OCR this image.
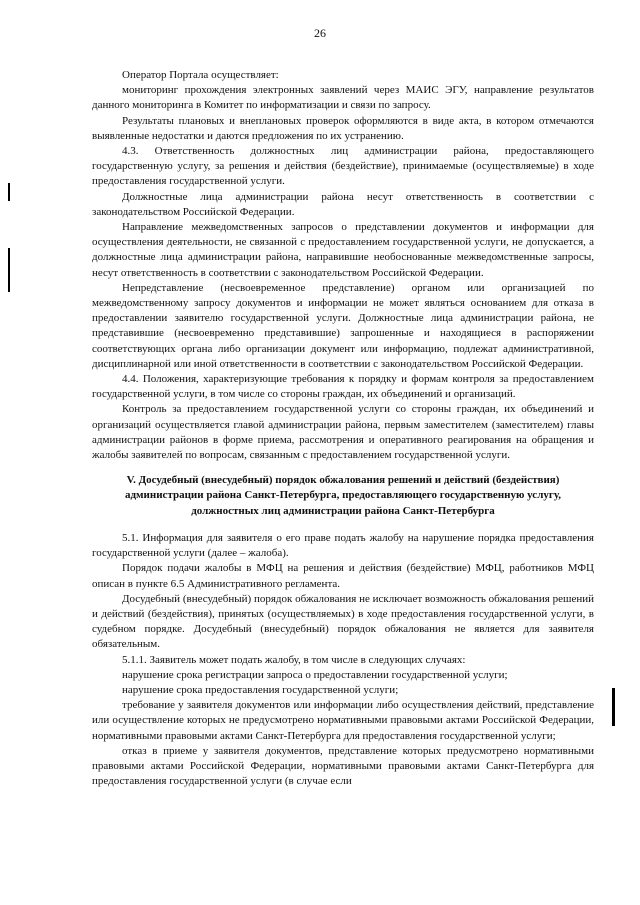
26

Оператор Портала осуществляет:

мониторинг прохождения электронных заявлений через МАИС ЭГУ, направление результатов данного мониторинга в Комитет по информатизации и связи по запросу.

Результаты плановых и внеплановых проверок оформляются в виде акта, в котором отмечаются выявленные недостатки и даются предложения по их устранению.

4.3. Ответственность должностных лиц администрации района, предоставляющего государственную услугу, за решения и действия (бездействие), принимаемые (осуществляемые) в ходе предоставления государственной услуги.

Должностные лица администрации района несут ответственность в соответствии с законодательством Российской Федерации.

Направление межведомственных запросов о представлении документов и информации для осуществления деятельности, не связанной с предоставлением государственной услуги, не допускается, а должностные лица администрации района, направившие необоснованные межведомственные запросы, несут ответственность в соответствии с законодательством Российской Федерации.

Непредставление (несвоевременное представление) органом или организацией по межведомственному запросу документов и информации не может являться основанием для отказа в предоставлении заявителю государственной услуги. Должностные лица администрации района, не представившие (несвоевременно представившие) запрошенные и находящиеся в распоряжении соответствующих органа либо организации документ или информацию, подлежат административной, дисциплинарной или иной ответственности в соответствии с законодательством Российской Федерации.

4.4. Положения, характеризующие требования к порядку и формам контроля за предоставлением государственной услуги, в том числе со стороны граждан, их объединений и организаций.

Контроль за предоставлением государственной услуги со стороны граждан, их объединений и организаций осуществляется главой администрации района, первым заместителем (заместителем) главы администрации районов в форме приема, рассмотрения и оперативного реагирования на обращения и жалобы заявителей по вопросам, связанным с предоставлением государственной услуги.

V. Досудебный (внесудебный) порядок обжалования решений и действий (бездействия) администрации района Санкт-Петербурга, предоставляющего государственную услугу, должностных лиц администрации района Санкт-Петербурга

5.1. Информация для заявителя о его праве подать жалобу на нарушение порядка предоставления государственной услуги (далее – жалоба).

Порядок подачи жалобы в МФЦ на решения и действия (бездействие) МФЦ, работников МФЦ описан в пункте 6.5 Административного регламента.

Досудебный (внесудебный) порядок обжалования не исключает возможность обжалования решений и действий (бездействия), принятых (осуществляемых) в ходе предоставления государственной услуги, в судебном порядке. Досудебный (внесудебный) порядок обжалования не является для заявителя обязательным.

5.1.1. Заявитель может подать жалобу, в том числе в следующих случаях:

нарушение срока регистрации запроса о предоставлении государственной услуги;

нарушение срока предоставления государственной услуги;

требование у заявителя документов или информации либо осуществления действий, представление или осуществление которых не предусмотрено нормативными правовыми актами Российской Федерации, нормативными правовыми актами Санкт-Петербурга для предоставления государственной услуги;

отказ в приеме у заявителя документов, представление которых предусмотрено нормативными правовыми актами Российской Федерации, нормативными правовыми актами Санкт-Петербурга для предоставления государственной услуги (в случае если
